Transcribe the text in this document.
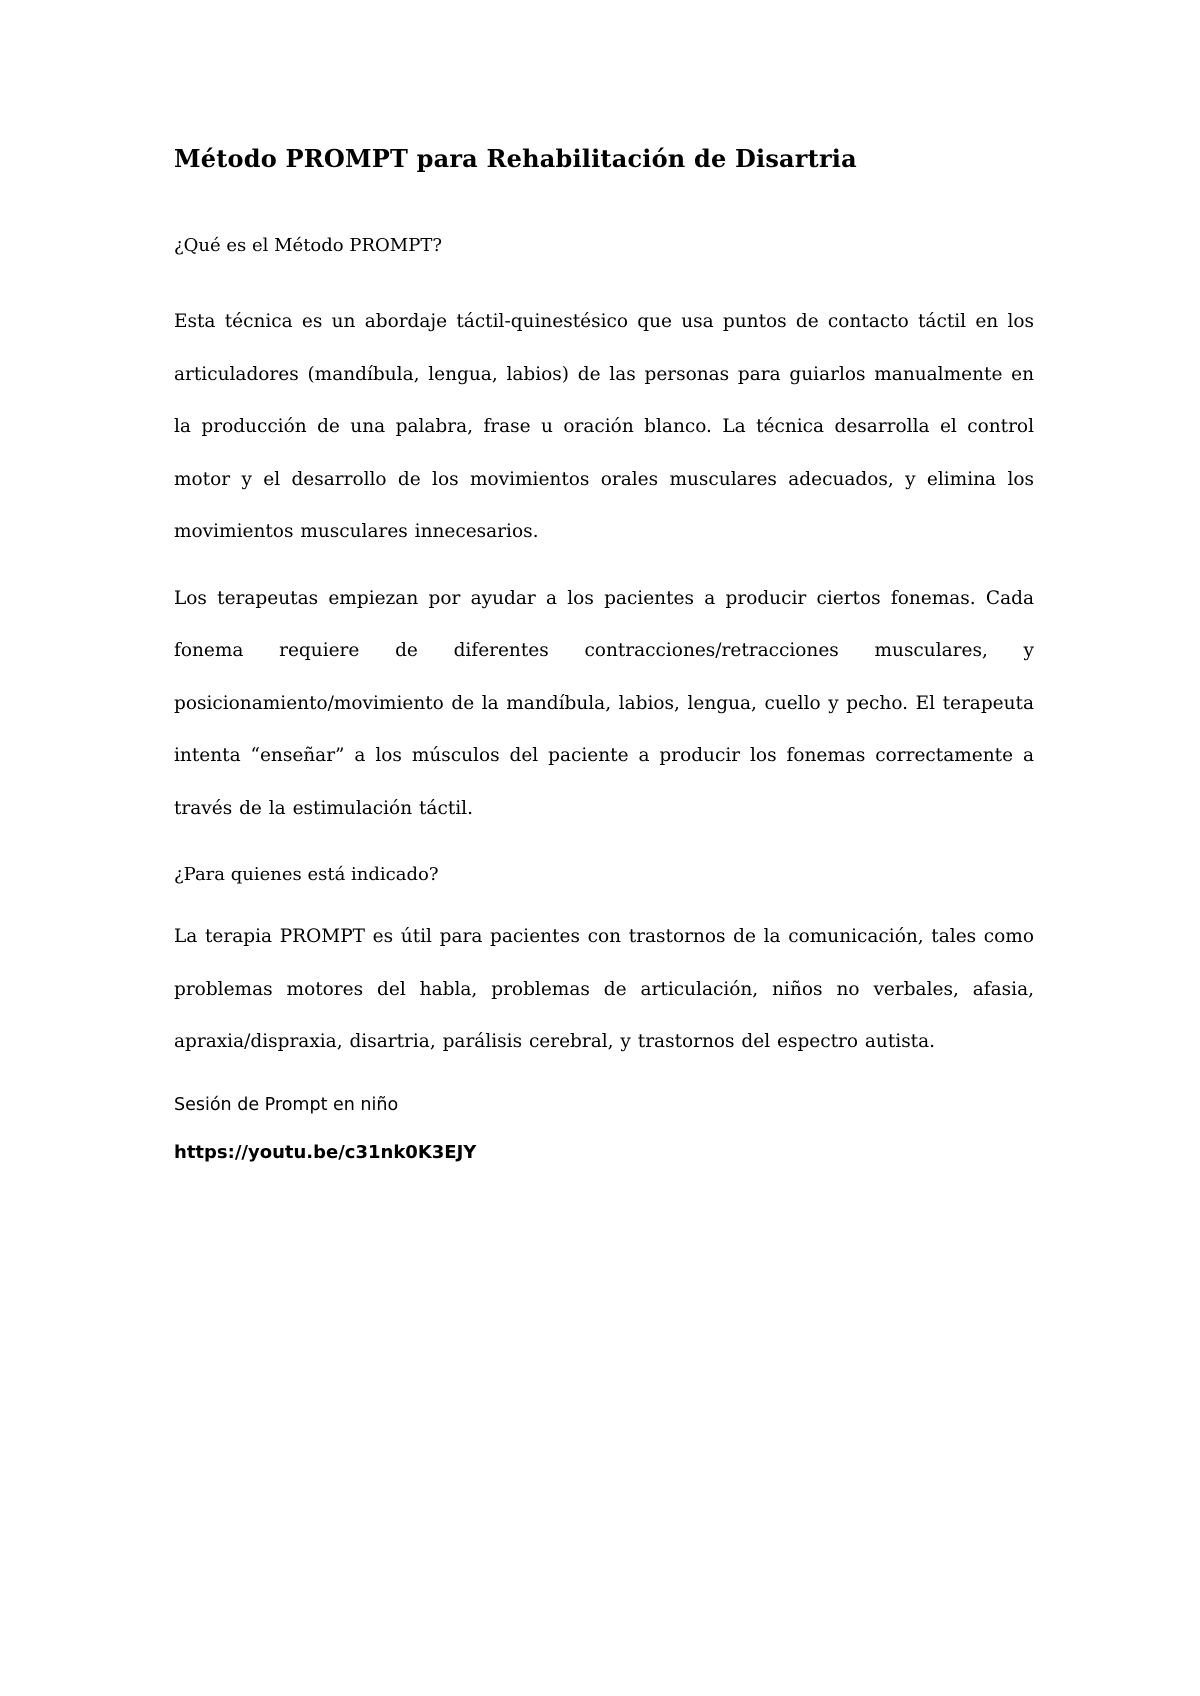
Método PROMPT para Rehabilitación de Disartria
¿Qué es el Método PROMPT?

Esta técnica es un abordaje táctil-quinestésico que usa puntos de contacto táctil en los articuladores (mandíbula, lengua, labios) de las personas para guiarlos manualmente en la producción de una palabra, frase u oración blanco. La técnica desarrolla el control motor y el desarrollo de los movimientos orales musculares adecuados, y elimina los movimientos musculares innecesarios.

Los terapeutas empiezan por ayudar a los pacientes a producir ciertos fonemas. Cada fonema requiere de diferentes contracciones/retracciones musculares, y posicionamiento/movimiento de la mandíbula, labios, lengua, cuello y pecho. El terapeuta intenta “enseñar” a los músculos del paciente a producir los fonemas correctamente a través de la estimulación táctil.

¿Para quienes está indicado?

La terapia PROMPT es útil para pacientes con trastornos de la comunicación, tales como problemas motores del habla, problemas de articulación, niños no verbales, afasia, apraxia/dispraxia, disartria, parálisis cerebral, y trastornos del espectro autista.

Sesión de Prompt en niño

https://youtu.be/c31nk0K3EJY
